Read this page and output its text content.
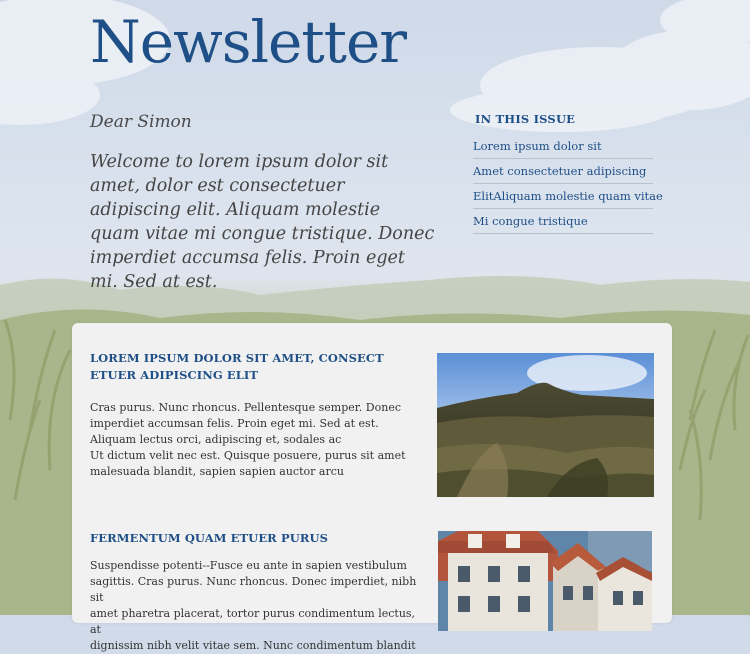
Newsletter

Dear Simon

Welcome to lorem ipsum dolor sit amet, dolor est consectetuer adipiscing elit. Aliquam molestie quam vitae mi congue tristique. Donec imperdiet accumsa felis. Proin eget mi. Sed at est.

IN THIS ISSUE
Lorem ipsum dolor sit
Amet consectetuer adipiscing
ElitAliquam molestie quam vitae
Mi congue tristique
LOREM IPSUM DOLOR SIT AMET, CONSECT ETUER ADIPISCING ELIT

Cras purus. Nunc rhoncus. Pellentesque semper. Donec
imperdiet accumsan felis. Proin eget mi. Sed at est.
Aliquam lectus orci, adipiscing et, sodales ac
Ut dictum velit nec est. Quisque posuere, purus sit amet
malesuada blandit, sapien sapien auctor arcu

FERMENTUM QUAM ETUER PURUS

Suspendisse potenti--Fusce eu ante in sapien vestibulum
sagittis. Cras purus. Nunc rhoncus. Donec imperdiet, nibh sit
amet pharetra placerat, tortor purus condimentum lectus, at
dignissim nibh velit vitae sem. Nunc condimentum blandit
